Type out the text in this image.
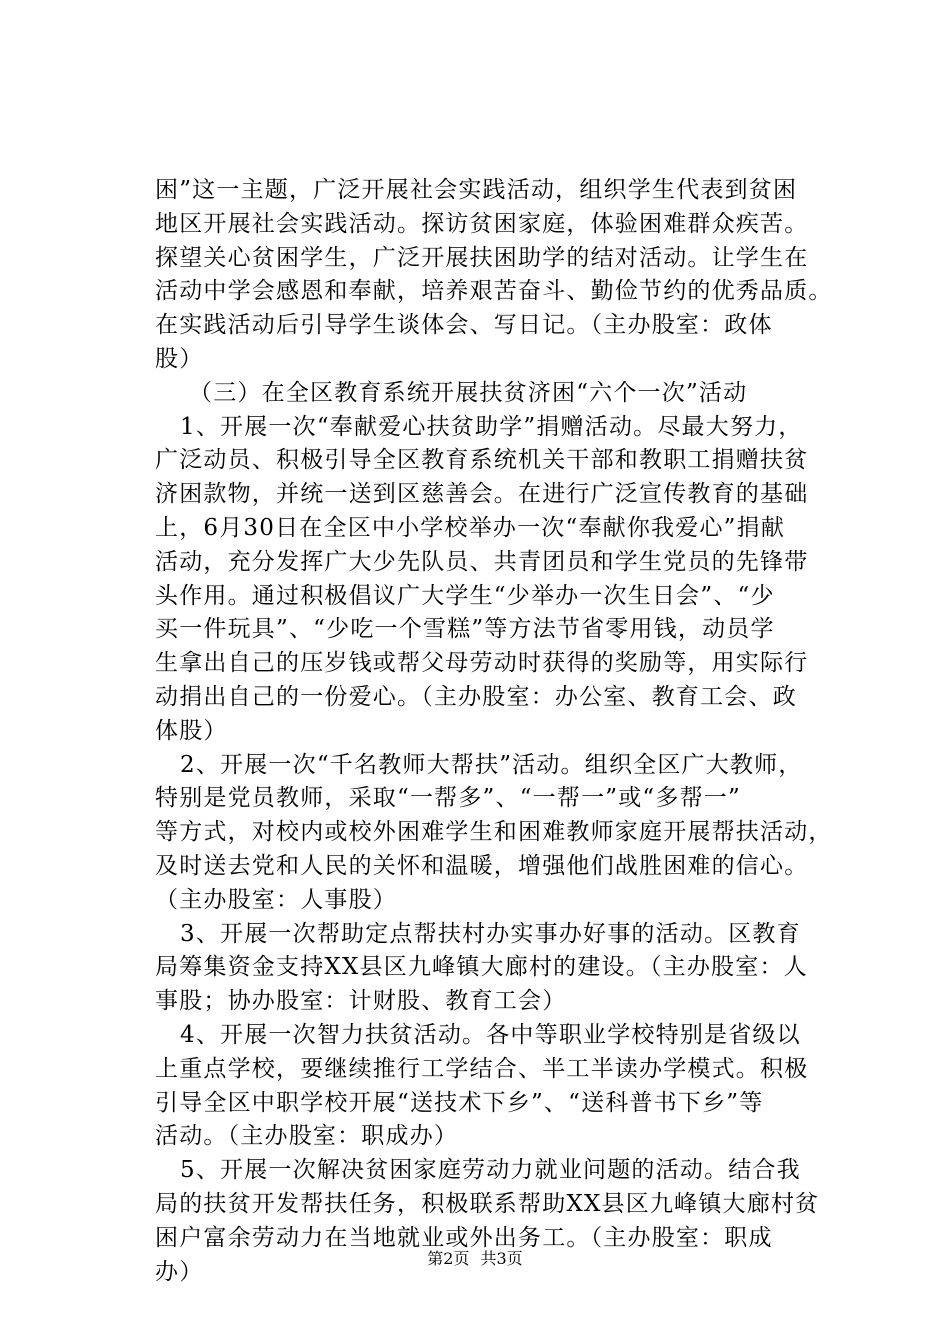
困”这一主题，广泛开展社会实践活动，组织学生代表到贫困
地区开展社会实践活动。探访贫困家庭，体验困难群众疾苦。
探望关心贫困学生，广泛开展扶困助学的结对活动。让学生在
活动中学会感恩和奉献，培养艰苦奋斗、勤俭节约的优秀品质。
在实践活动后引导学生谈体会、写日记。（主办股室：政体
股）
（三）在全区教育系统开展扶贫济困“六个一次”活动
1、开展一次“奉献爱心扶贫助学”捐赠活动。尽最大努力，
广泛动员、积极引导全区教育系统机关干部和教职工捐赠扶贫
济困款物，并统一送到区慈善会。在进行广泛宣传教育的基础
上，6月30日在全区中小学校举办一次“奉献你我爱心”捐献
活动，充分发挥广大少先队员、共青团员和学生党员的先锋带
头作用。通过积极倡议广大学生“少举办一次生日会”、“少
买一件玩具”、“少吃一个雪糕”等方法节省零用钱，动员学
生拿出自己的压岁钱或帮父母劳动时获得的奖励等，用实际行
动捐出自己的一份爱心。（主办股室：办公室、教育工会、政
体股）
2、开展一次“千名教师大帮扶”活动。组织全区广大教师，
特别是党员教师，采取“一帮多”、“一帮一”或“多帮一”
等方式，对校内或校外困难学生和困难教师家庭开展帮扶活动，
及时送去党和人民的关怀和温暖，增强他们战胜困难的信心。
（主办股室：人事股）
3、开展一次帮助定点帮扶村办实事办好事的活动。区教育
局筹集资金支持XX县区九峰镇大廊村的建设。（主办股室：人
事股；协办股室：计财股、教育工会）
4、开展一次智力扶贫活动。各中等职业学校特别是省级以
上重点学校，要继续推行工学结合、半工半读办学模式。积极
引导全区中职学校开展“送技术下乡”、“送科普书下乡”等
活动。（主办股室：职成办）
5、开展一次解决贫困家庭劳动力就业问题的活动。结合我
局的扶贫开发帮扶任务，积极联系帮助XX县区九峰镇大廊村贫
困户富余劳动力在当地就业或外出务工。（主办股室：职成
办）	第2页 共3页
